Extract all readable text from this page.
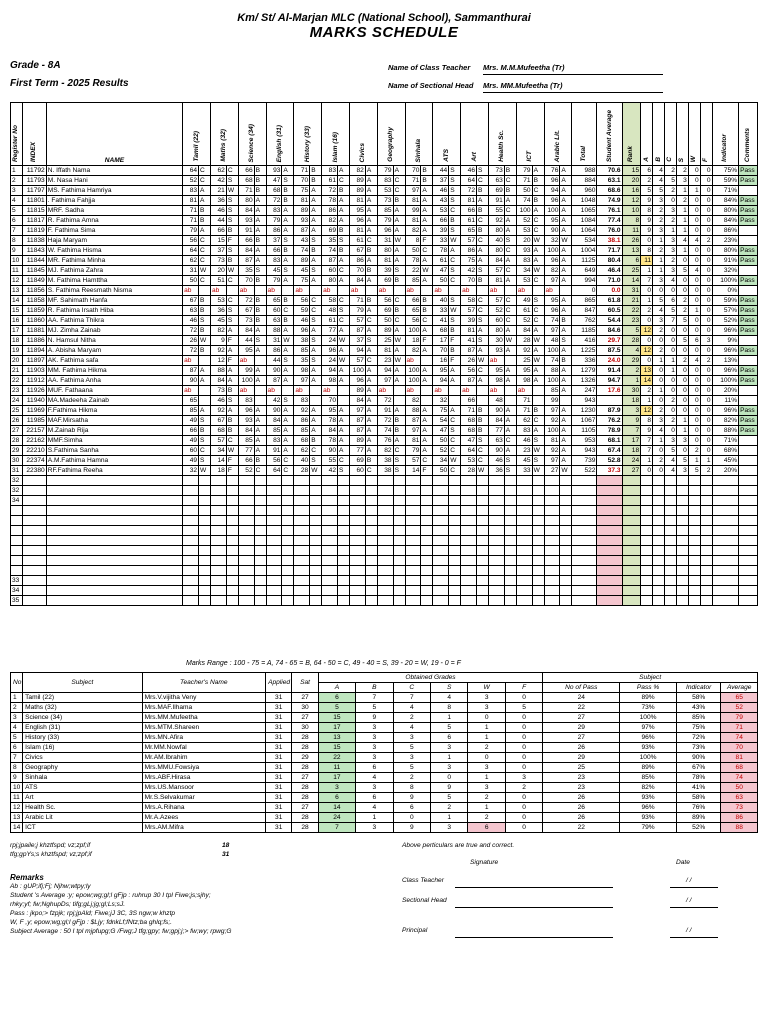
Km/ St/ Al-Marjan MLC (National School), Sammanthurai
MARKS SCHEDULE
Grade - 8A
First Term - 2025 Results
Name of Class Teacher Mrs. M.M.Mufeetha (Tr)
Name of Sectional Head Mrs. MM.Mufeetha (Tr)
Register No	INDEX	NAME	Tamil (22)		Maths (32)		Science (34)		English (31)		History (33)		Islam (16)		Civics		Geography		Sinhala		ATS		Art		Health Sc.		ICT		Arabic Lit.		Total	Student Average	Rank	A	B	C	S	W	F	Indicator	Comments
1	11792	N. Iffath Nama	64	C	62	C	66	B	93	A	71	B	83	A	82	A	79	A	70	B	44	S	46	S	73	B	79	A	76	A	988	70.6	15	6	4	2	2	0	0	75%	Pass
2	11793	M. Nasa Hani	52	C	42	S	68	B	47	S	70	B	61	C	89	A	83	C	71	B	37	S	64	C	63	C	71	B	96	A	884	63.1	20	2	4	5	3	0	0	59%	Pass
3	11797	MS. Fathima Hamriya	83	A	21	W	71	B	68	B	75	A	72	B	89	A	53	C	97	A	46	S	72	B	69	B	50	C	94	A	960	68.6	16	5	5	2	1	1	0	71%	
4	11801	. Fathima Fahjja	81	A	36	S	80	A	72	B	81	A	78	A	81	A	73	B	81	A	43	S	81	A	91	A	74	B	96	A	1048	74.9	12	9	3	0	2	0	0	84%	Pass
5	11815	MRF. Sadha	71	B	46	S	84	A	83	A	89	A	86	A	95	A	85	A	99	A	53	C	66	B	55	C	100	A	100	A	1065	76.1	10	8	2	3	1	0	0	80%	Pass
6	11817	R. Fathima Amna	71	B	44	S	93	A	79	A	93	A	82	A	96	A	79	A	81	A	66	B	61	C	92	A	52	C	95	A	1084	77.4	8	9	2	2	1	0	0	84%	Pass
7	11819	F. Fathima Sima	79	A	66	B	91	A	86	A	87	A	69	B	81	A	96	A	82	A	39	S	65	B	80	A	53	C	90	A	1064	76.0	11	9	3	1	1	0	0	86%	
8	11838	Haja Maryam	56	C	15	F	66	B	37	S	43	S	35	S	61	C	31	W	8	F	33	W	57	C	40	S	20	W	32	W	534	38.1	26	0	1	3	4	4	2	23%	
9	11843	W. Fathima Hisma	64	C	37	S	84	A	66	B	74	B	74	B	67	B	80	A	50	C	78	A	86	A	80	C	93	A	100	A	1004	71.7	13	8	2	3	1	0	0	80%	Pass
10	11844	MR. Fathima Minha	62	C	73	B	87	A	83	A	89	A	87	A	86	A	81	A	78	A	61	C	75	A	84	A	83	A	96	A	1125	80.4	6	11	1	2	0	0	0	91%	Pass
11	11845	MJ. Fathima Zahra	31	W	20	W	35	S	45	S	45	S	60	C	70	B	39	S	22	W	47	S	42	S	57	C	34	W	82	A	649	46.4	25	1	1	3	5	4	0	32%	
12	11849	M. Fathima Hamttha	50	C	51	C	70	B	79	A	75	A	80	A	84	A	69	B	85	A	50	C	70	B	81	A	53	C	97	A	994	71.0	14	7	3	4	0	0	0	100%	Pass
13	11856	S. Fathima Reesmath Nisma	ab		ab		ab		ab		ab		ab		ab		ab		ab		ab		ab		ab		ab		ab		0	0.0	31	0	0	0	0	0	0	0%	
14	11858	MF. Sahimath Hanfa	67	B	53	C	72	B	65	B	56	C	58	C	71	B	56	C	66	B	40	S	58	C	57	C	49	S	95	A	865	61.8	21	1	5	6	2	0	0	59%	Pass
15	11859	R. Fathima Irsath Hiba	63	B	36	S	67	B	60	C	59	C	48	S	79	A	69	B	65	B	33	W	57	C	52	C	61	C	96	A	847	60.5	22	2	4	5	2	1	0	57%	Pass
16	11860	AA. Fathima Thikra	46	S	45	S	73	B	63	B	46	S	61	C	57	C	50	C	56	C	41	S	39	S	60	C	52	C	74	B	762	54.4	23	0	3	7	5	0	0	52%	Pass
17	11881	MJ. Zimha Zainab	72	B	82	A	84	A	88	A	96	A	77	A	87	A	89	A	100	A	68	B	81	A	80	A	84	A	97	A	1185	84.6	5	12	2	0	0	0	0	96%	Pass
18	11886	N. Hamsul Nitha	26	W	9	F	44	S	31	W	38	S	24	W	37	S	25	W	18	F	17	F	41	S	30	W	28	W	48	S	416	29.7	28	0	0	0	5	6	3	9%	
19	11894	A. Abisha Maryam	72	B	92	A	95	A	86	A	85	A	96	A	94	A	81	A	82	A	70	B	87	A	93	A	92	A	100	A	1225	87.5	4	12	2	0	0	0	0	96%	Pass
20	11897	AK. Fathima safa	ab		12	F	ab		44	S	35	S	24	W	57	C	23	W	ab		16	F	26	W	ab		25	W	74	B	336	24.0	29	0	1	1	2	4	2	13%	
21	11903	MM. Fathima Hikma	87	A	88	A	99	A	90	A	98	A	94	A	100	A	94	A	100	A	95	A	56	C	95	A	95	A	88	A	1279	91.4	2	13	0	1	0	0	0	96%	Pass
22	11912	AA. Fathima Anha	90	A	84	A	100	A	87	A	97	A	98	A	96	A	97	A	100	A	94	A	87	A	98	A	98	A	100	A	1326	94.7	1	14	0	0	0	0	0	100%	Pass
23	11926	MUF. Fathaana	ab		73	B	ab		ab		ab		ab		89	A	ab		ab		ab		ab		ab		ab		85	A	247	17.6	30	2	1	0	0	0	0	20%	
24	11940	MA.Madeeha Zainab	65		46	S	83		42	S	83		70		84	A	72		82		32		66		48		71		99		943		18	1	0	2	0	0	0	11%	
25	11969	F.Fathima Hikma	85	A	92	A	96	A	90	A	92	A	95	A	97	A	91	A	88	A	75	A	71	B	90	A	71	B	97	A	1230	87.9	3	12	2	0	0	0	0	96%	Pass
26	11985	MAF.Mirsatha	49	S	67	B	93	A	84	A	86	A	78	A	87	A	72	B	87	A	54	C	68	B	84	A	62	C	92	A	1067	76.2	9	8	3	2	1	0	0	82%	Pass
27	22157	M.Zainab Rija	66	B	68	B	84	A	85	A	85	A	84	A	87	A	74	B	97	A	47	S	68	B	77	A	83	A	100	A	1105	78.9	7	9	4	0	1	0	0	88%	Pass
28	22162	MMF.Simha	49	S	57	C	85	A	83	A	68	B	78	A	89	A	76	A	81	A	50	C	47	S	63	C	46	S	81	A	953	68.1	17	7	1	3	3	0	0	71%	
29	22210	S.Fathima Sanha	60	C	34	W	77	A	91	A	62	C	90	A	77	A	82	C	79	A	52	C	64	C	90	A	23	W	92	A	943	67.4	18	7	0	5	0	2	0	68%	
30	22374	A.M.Fathima Hamna	49	S	14	F	66	B	56	C	40	S	55	C	69	B	38	S	57	C	34	W	53	C	46	S	45	S	97	A	739	52.8	24	1	2	4	5	1	1	45%	
31	22380	RF.Fathima Reeha	32	W	18	F	52	C	64	C	28	W	42	S	60	C	38	S	14	F	50	C	28	W	36	S	33	W	27	W	522	37.3	27	0	0	4	3	5	2	20%	
32																																									
32																																									
34																																									

33																																									
34																																									
35																																									
Marks Range : 100 - 75 = A, 74 - 65 = B, 64 - 50 = C, 49 - 40 = S, 39 - 20 = W, 19 - 0 = F
No	Subject	Teacher's Name	Applied	Sat	Obtained Grades						Subject			
					A	B	C	S	W	F	No of Pass	Pass %	Indicator	Average
1	Tamil (22)	Mrs.V.vijitha Veny	31	27	6	7	7	4	3	0	24	89%	58%	65
2	Maths (32)	Mrs.MAF.Ilhama	31	30	5	5	4	8	3	5	22	73%	43%	52
3	Science (34)	Mrs.MM.Mufeetha	31	27	15	9	2	1	0	0	27	100%	85%	79
4	English (31)	Mrs.MTM.Shareen	31	30	17	3	4	5	1	0	29	97%	75%	71
5	History (33)	Mrs.MN.Afira	31	28	13	3	3	6	1	0	27	96%	72%	74
6	Islam (16)	Mr.MM.Nowfal	31	28	15	3	5	3	2	0	26	93%	73%	70
7	Civics	Mr.AM.Ibrahim	31	29	22	3	3	1	0	0	29	100%	90%	81
8	Geography	Mrs.MMU.Fowsiya	31	28	11	6	5	3	3	0	25	89%	67%	68
9	Sinhala	Mrs.ABF.Hirasa	31	27	17	4	2	0	1	3	23	85%	78%	74
10	ATS	Mrs.US.Mansoor	31	28	3	3	8	9	3	2	23	82%	41%	50
11	Art	Mr.S.Selvakumar	31	28	6	6	9	5	2	0	26	93%	58%	63
12	Health Sc.	Mrs.A.Rihana	31	27	14	4	6	2	1	0	26	96%	76%	73
13	Arabic Lit	Mr.A.Azees	31	28	24	1	0	1	2	0	26	93%	89%	86
14	ICT	Mrs.AM.Mifra	31	28	7	3	9	3	6	0	22	79%	52%	88
rpj;jpaile;j khztfspd; vz;zpf;if	18
tfg;gpYs;s khztfspd; vz;zpf;if	31
Above perticulars are true and correct.
Signature	Date
Class Teacher	/ /
Sectional Head	/ /
Principal	/ /
Remarks
Ab : gUP;ifj;Fj; Njhw;wtpy;ly
Student 's Average :y; epow;wg;gl;l gFjp : ruhrup 30 I tpl Fiwe;js;sjhy;
rhky;yf; fw;NghupDs; tifg;gLj;jg;gl;Ls;sJ.
Pass : jkpo;> fzpjk; rpj;jpAld; Fiwe;jJ 3C, 3S ngw;w khztp
W, F ,y; epow;wg;gl;l gFjp : $Ljy; fdnkLf;fNtz;ba ghlq;fs;.
Subject Average : 50 I tpl mjpfupg;G /Fwg;J tfg;gpy; fw;gpj;j;> fw;wy; rpwg;G
